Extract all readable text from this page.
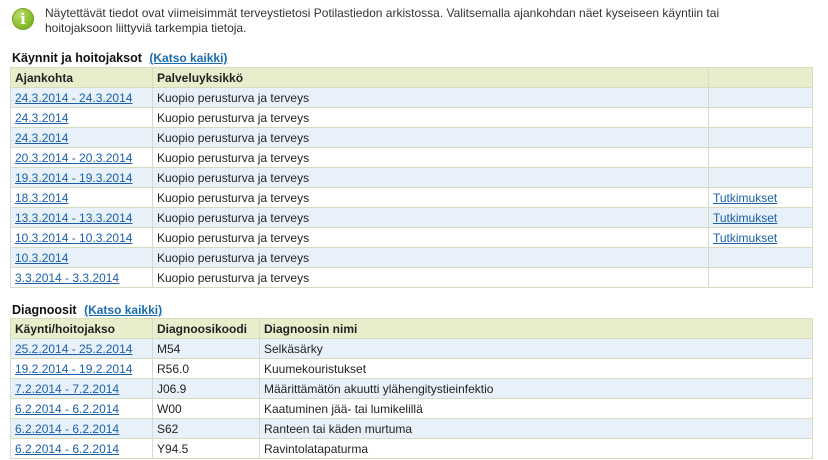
i	Näytettävät tiedot ovat viimeisimmät terveystietosi Potilastiedon arkistossa. Valitsemalla ajankohdan näet kyseiseen käyntiin tai hoitojaksoon liittyviä tarkempia tietoja.
Käynnit ja hoitojaksot (Katso kaikki)
Ajankohta	Palveluyksikkö	
24.3.2014 - 24.3.2014	Kuopio perusturva ja terveys	
24.3.2014	Kuopio perusturva ja terveys	
24.3.2014	Kuopio perusturva ja terveys	
20.3.2014 - 20.3.2014	Kuopio perusturva ja terveys	
19.3.2014 - 19.3.2014	Kuopio perusturva ja terveys	
18.3.2014	Kuopio perusturva ja terveys	Tutkimukset
13.3.2014 - 13.3.2014	Kuopio perusturva ja terveys	Tutkimukset
10.3.2014 - 10.3.2014	Kuopio perusturva ja terveys	Tutkimukset
10.3.2014	Kuopio perusturva ja terveys	
3.3.2014 - 3.3.2014	Kuopio perusturva ja terveys	
Diagnoosit (Katso kaikki)
Käynti/hoitojakso	Diagnoosikoodi	Diagnoosin nimi
25.2.2014 - 25.2.2014	M54	Selkäsärky
19.2.2014 - 19.2.2014	R56.0	Kuumekouristukset
7.2.2014 - 7.2.2014	J06.9	Määrittämätön akuutti ylähengitystieinfektio
6.2.2014 - 6.2.2014	W00	Kaatuminen jää- tai lumikelillä
6.2.2014 - 6.2.2014	S62	Ranteen tai käden murtuma
6.2.2014 - 6.2.2014	Y94.5	Ravintolatapaturma
